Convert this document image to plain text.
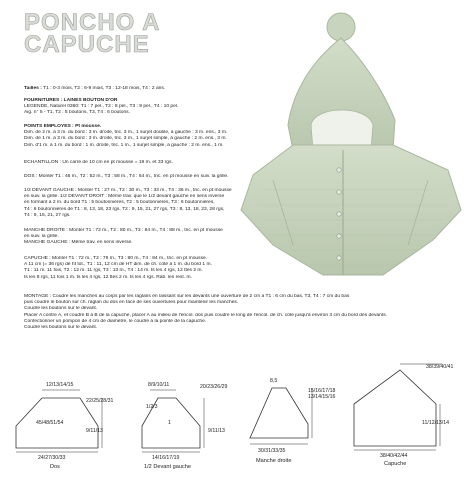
PONCHO A
CAPUCHE
Tailles : T1 : 0-3 mois, T2 : 6-9 mois, T3 : 12-18 mois, T4 : 2 ans.
FOURNITURES : LAINES BOUTON D'OR
LÉGENDE, Naturel 0360: T1 : 7 pel., T2 : 8 pel., T3 : 9 pel., T4 : 10 pel.
Aig. n° 5 - T1, T2 : 5 boutons, T3, T4 : 6 boutons.
POINTS EMPLOYÉS : Pt mousse.
Dim. de 2 m. à 3 m. du bord : 3 m. droite, tric. 3 m., 1 surjet double, à gauche : 3 m. ens., 3 m.
Dim. de 1 m. à 3 m. du bord : 3 m. droite, tric. 3 m., 1 surjet simple, à gauche : 2 m. ens., 3 m.
Dim. d'1 m. à 1 m. du bord : 1 m. droite, tric. 1 m., 1 surjet simple, à gauche : 2 m. ens., 1 m.
ÉCHANTILLON : Un carré de 10 cm en pt mousse = 19 m. et 33 rgs.
DOS : Monter T1 : 46 m., T2 : 52 m., T3 : 58 m., T4 : 64 m., tric. en pt mousse en suiv. la grille.
1/2 DEVANT GAUCHE : Monter T1 : 27 m., T2 : 30 m., T3 : 33 m., T4 : 36 m., tric. en pt mousse
en suiv. la grille. 1/2 DEVANT DROIT : Même trav. que le 1/2 devant gauche en sens inverse
en formant à 2 m. du bord T1 : 5 boutonnières, T2 : 5 boutonnières, T3 : 6 boutonnières,
T4 : 6 boutonnières de T1 : 8, 13, 18, 23 rgs, T2 : 9, 15, 21, 27 rgs, T3 : 8, 13, 18, 23, 28 rgs,
T4 : 9, 15, 21, 27 rgs.
MANCHE DROITE : Monter T1 : 72 m., T2 : 80 m., T3 : 84 m., T4 : 88 m., tric. en pt mousse
en suiv. la grille.
MANCHE GAUCHE : Même trav. en sens inverse.
CAPUCHE : Monter T1 : 72 m., T2 : 76 m., T3 : 80 m., T4 : 84 m., tric. en pt mousse.
A 11 cm (= 36 rgs) de ht tot., T1 : 11, 12 cm de HT dim. de ch. côté à 1 m. du bord 1 m.
T1 : 11 m. 11 fois, T2 : 12 m. 11 rgs, T3 : 13 m., T4 : 14 m. ts les 4 rgs, 12 ttes 2 m.
ts les 8 rgs, 11 fois 1 m. ts les 4 rgs, 12 ttes 2 m. ts les 4 rgs. Rab. les rest. m.
MONTAGE : Coudre les manches au corps par les raglans en laissant sur les devants une ouverture de 2 cm à T1 : 6 cm du bas, T3, T4 : 7 cm du bas
puis coudre le bouton sur ch. raglan du dos en face de ses ouvertures pour maintenir les manches.
Coudre les boutons sur le devant.
Placer A contre A, et coudre B à B de la capuche, placer A au milieu de l'encol. dos puis coudre le long de l'encol. de ch. côté jusqu'à environ 3 cm du bord des devants.
Confectionner un pompon de 4 cm de diamètre, le coudre à la pointe de la capuche.
Coudre les boutons sur le devant.
12/13/14/15
22/25/28/31
9/11/13
45/48/51/54
24/27/30/33
Dos
8/9/10/11
1/2/3
20/23/26/29
9/11/13
1
14/16/17/19
1/2 Devant gauche
8,5
15/16/17/18
13/14/15/16
30/31/33/35
Manche droite
38/39/40/41
11/12/13/14
38/40/42/44
Capuche
